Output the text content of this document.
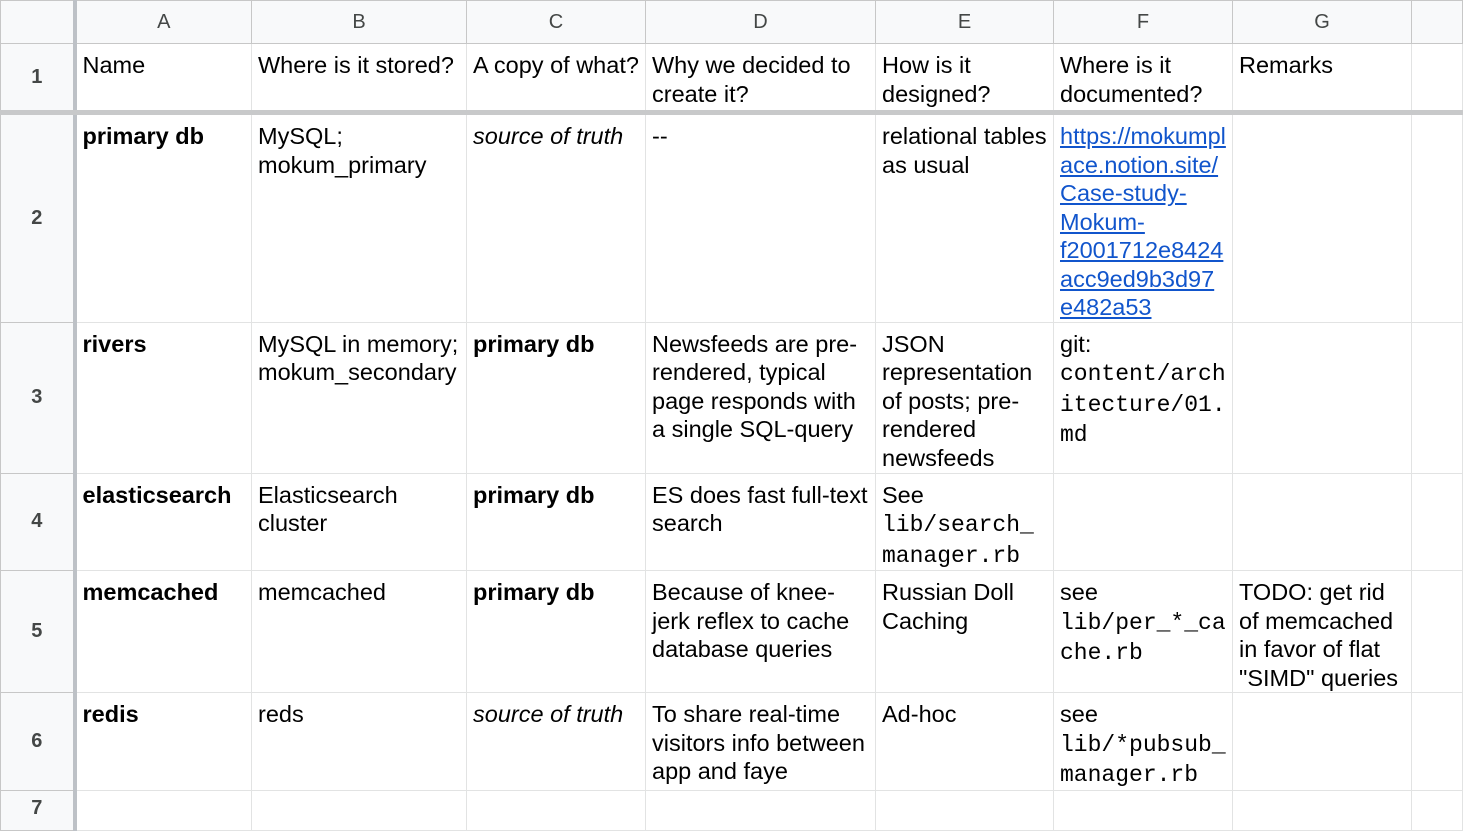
	A	B	C	D	E	F	G	
1	Name	Where is it stored?	A copy of what?	Why we decided to create it?	How is it designed?	Where is it documented?	Remarks	
2	primary db	MySQL; mokum_primary	source of truth	--	relational tables as usual	https://mokumplace.notion.site/Case-study-Mokum-f2001712e8424acc9ed9b3d97e482a53		
3	rivers	MySQL in memory; mokum_secondary	primary db	Newsfeeds are pre-rendered, typical page responds with a single SQL-query	JSON representation of posts; pre-rendered newsfeeds	git:
content/architecture/01.md		
4	elasticsearch	Elasticsearch cluster	primary db	ES does fast full-text search	See
lib/search_manager.rb			
5	memcached	memcached	primary db	Because of knee-jerk reflex to cache database queries	Russian Doll Caching	see
lib/per_*_cache.rb	TODO: get rid of memcached in favor of flat "SIMD" queries	
6	redis	reds	source of truth	To share real-time visitors info between app and faye	Ad-hoc	see
lib/*pubsub_manager.rb		
7								
